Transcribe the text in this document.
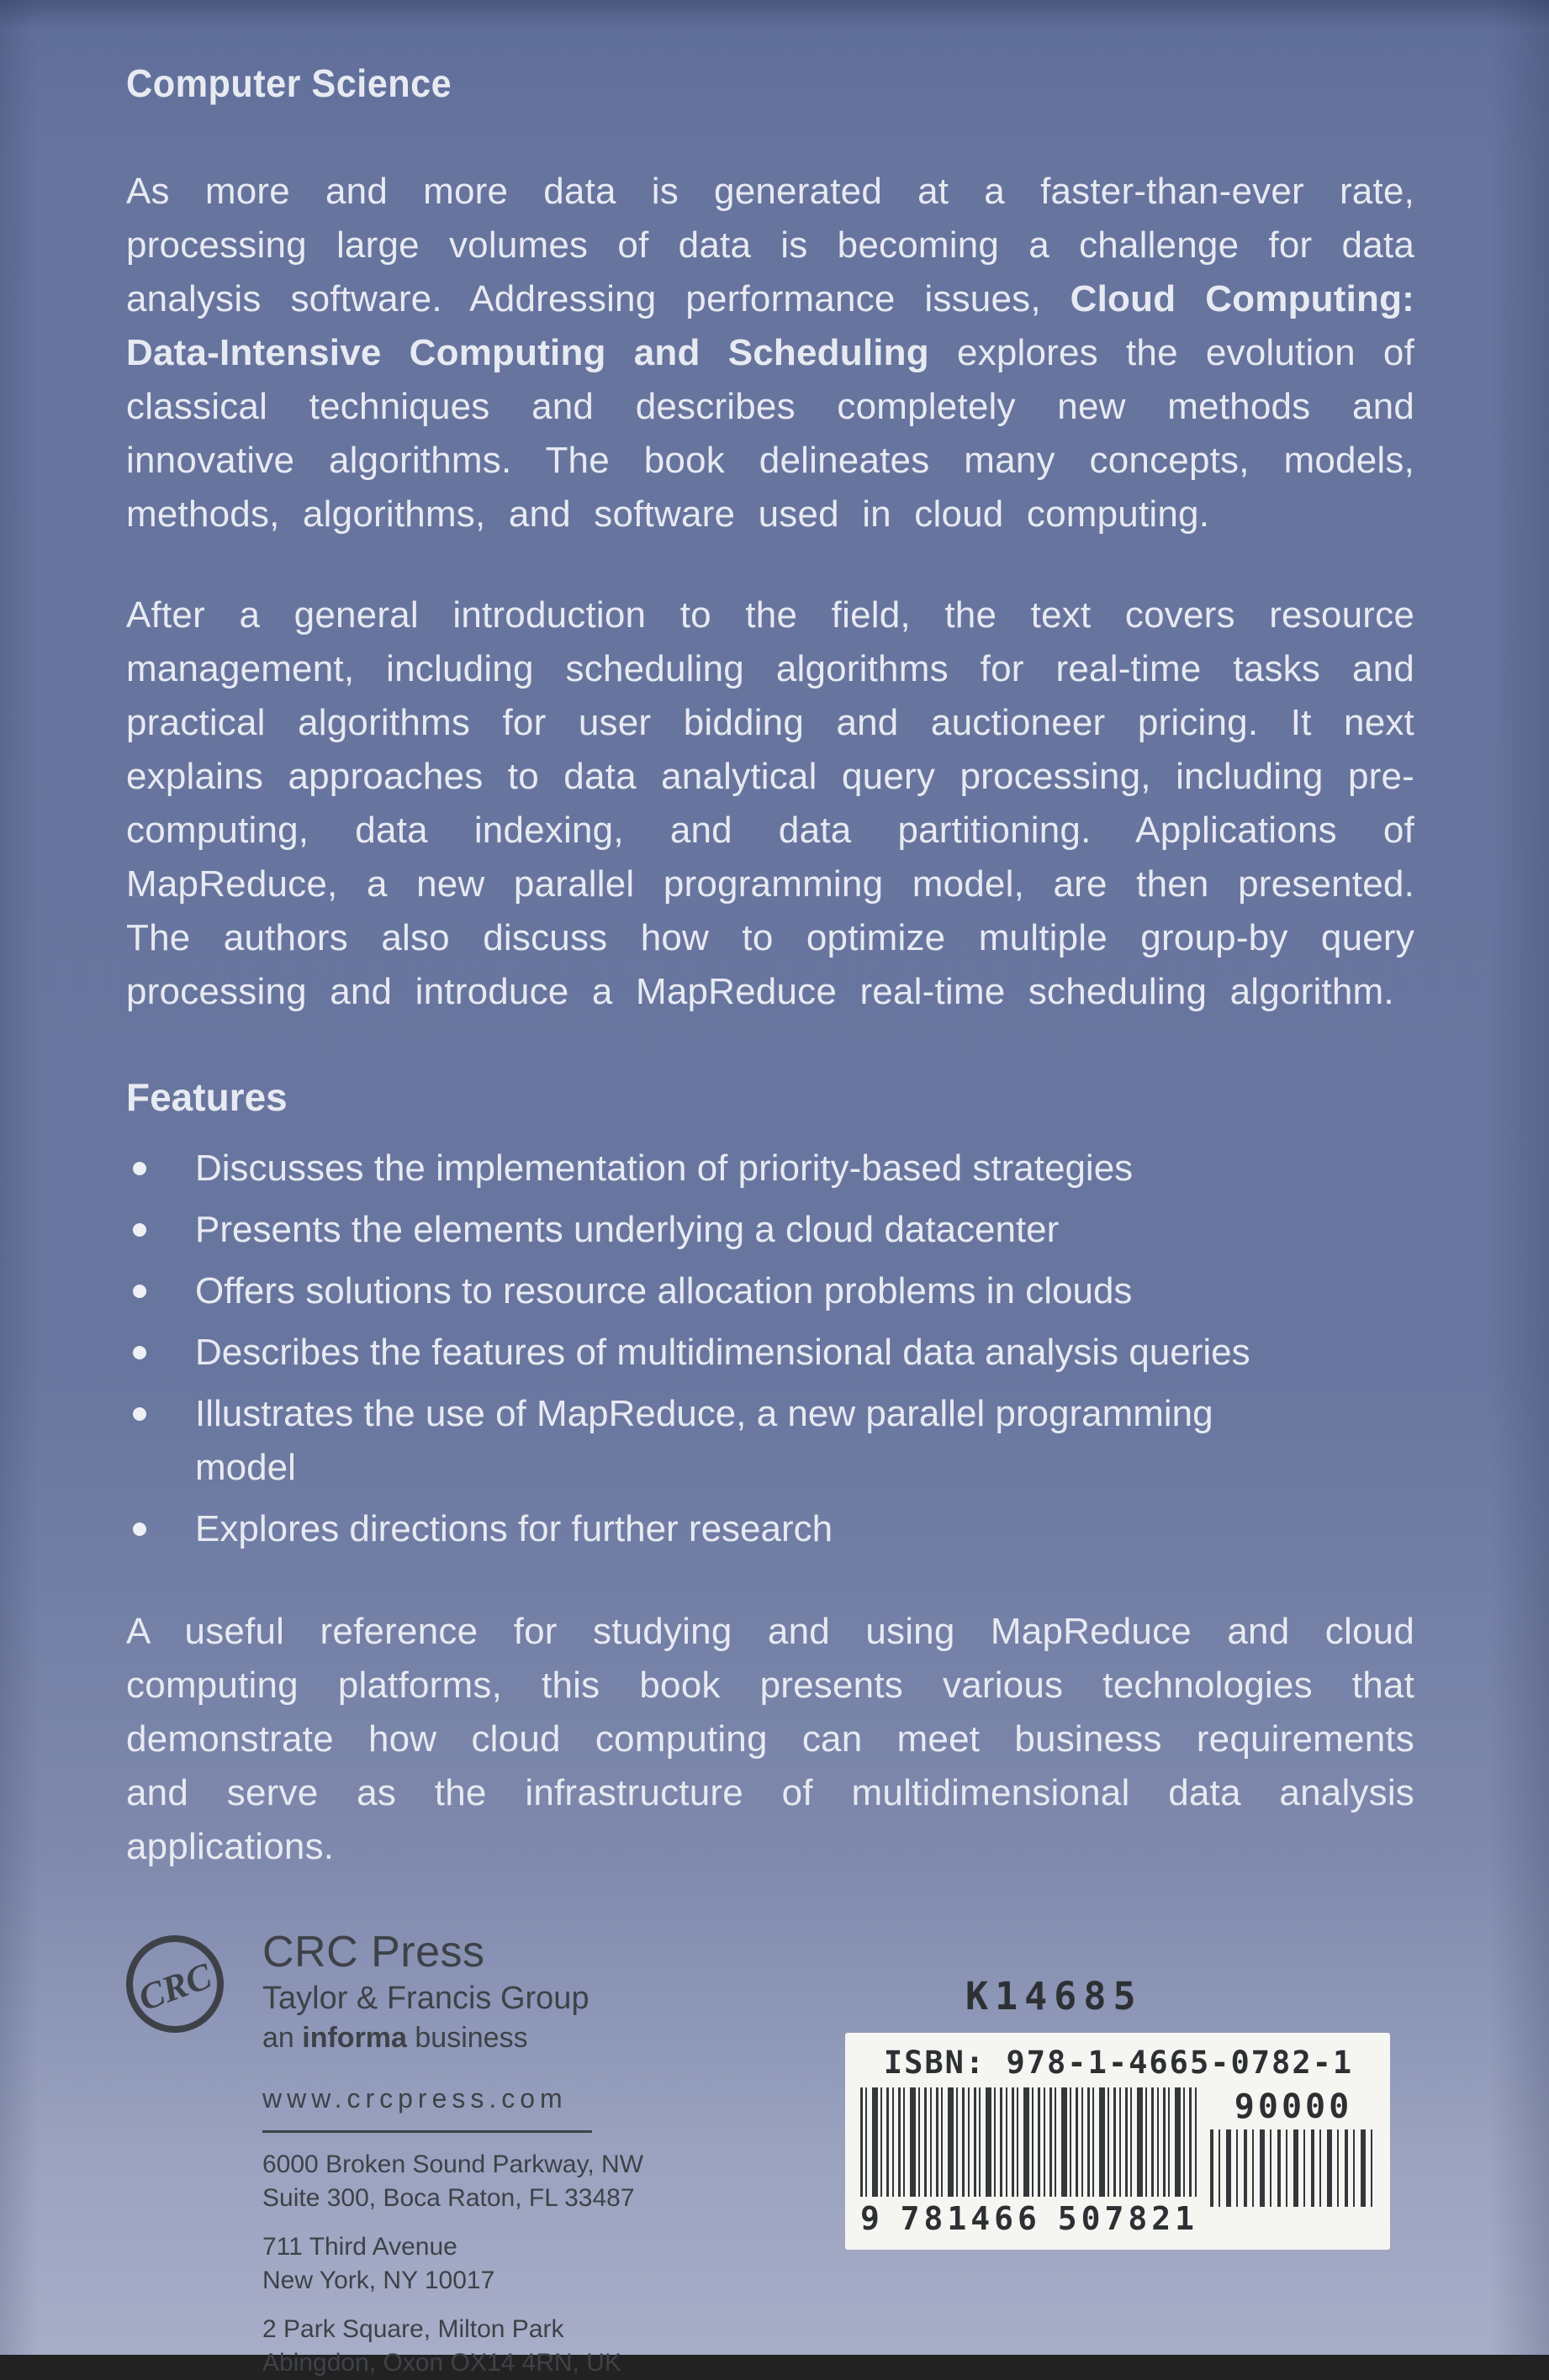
Computer Science

As more and more data is generated at a faster-than-ever rate, processing large volumes of data is becoming a challenge for data analysis software. Addressing performance issues, Cloud Computing: Data-Intensive Computing and Scheduling explores the evolution of classical techniques and describes completely new methods and innovative algorithms. The book delineates many concepts, models, methods, algorithms, and software used in cloud computing.

After a general introduction to the field, the text covers resource management, including scheduling algorithms for real-time tasks and practical algorithms for user bidding and auctioneer pricing. It next explains approaches to data analytical query processing, including pre-computing, data indexing, and data partitioning. Applications of MapReduce, a new parallel programming model, are then presented. The authors also discuss how to optimize multiple group-by query processing and introduce a MapReduce real-time scheduling algorithm.

Features
Discusses the implementation of priority-based strategies
Presents the elements underlying a cloud datacenter
Offers solutions to resource allocation problems in clouds
Describes the features of multidimensional data analysis queries
Illustrates the use of MapReduce, a new parallel programming model
Explores directions for further research

A useful reference for studying and using MapReduce and cloud computing platforms, this book presents various technologies that demonstrate how cloud computing can meet business requirements and serve as the infrastructure of multidimensional data analysis applications.

CRC
CRC Press
Taylor & Francis Group
an informa business
www.crcpress.com
6000 Broken Sound Parkway, NW
Suite 300, Boca Raton, FL 33487
711 Third Avenue
New York, NY 10017
2 Park Square, Milton Park
Abingdon, Oxon OX14 4RN, UK
K14685
ISBN: 978-1-4665-0782-1
9 781466 507821
90000
